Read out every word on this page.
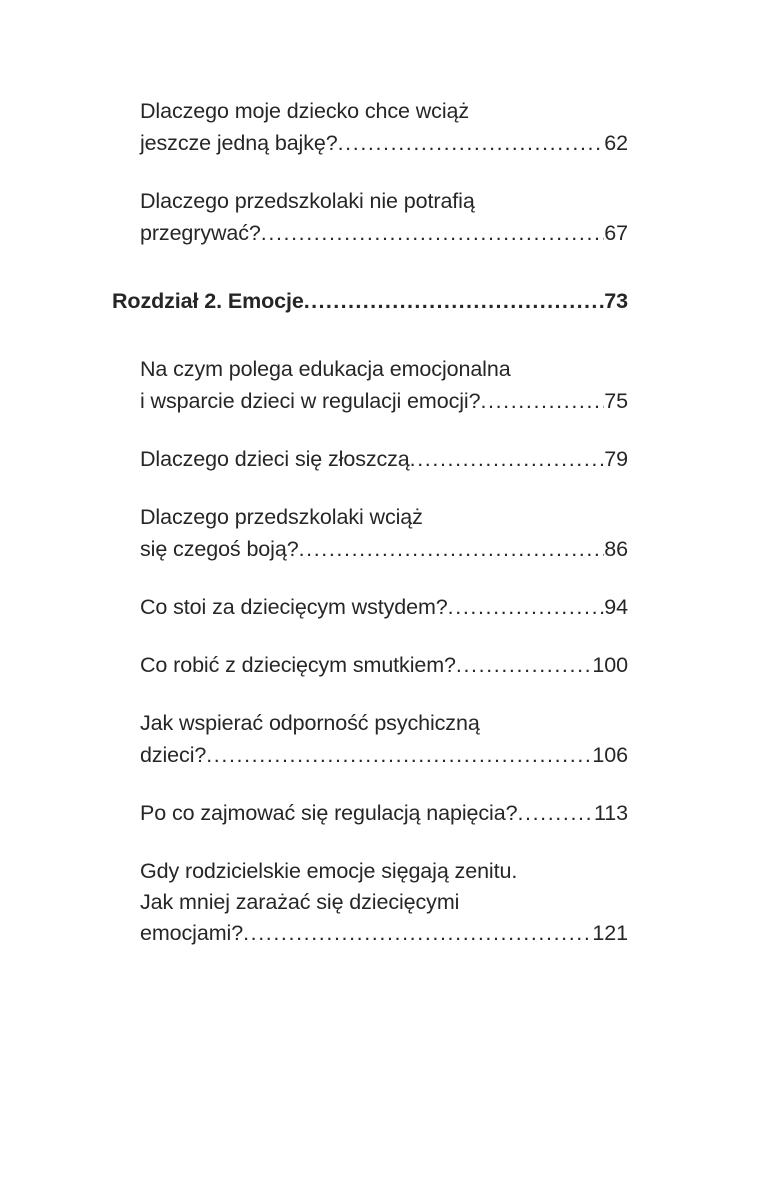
Dlaczego moje dziecko chce wciąż
jeszcze jedną bajkę? .....	62
Dlaczego przedszkolaki nie potrafią
przegrywać? .....	67
Rozdział 2. Emocje .....	73
Na czym polega edukacja emocjonalna
i wsparcie dzieci w regulacji emocji? .....	75
Dlaczego dzieci się złoszczą .....	79
Dlaczego przedszkolaki wciąż
się czegoś boją? .....	86
Co stoi za dziecięcym wstydem? .....	94
Co robić z dziecięcym smutkiem? .....	100
Jak wspierać odporność psychiczną
dzieci? .....	106
Po co zajmować się regulacją napięcia? .....	113
Gdy rodzicielskie emocje sięgają zenitu.
Jak mniej zarażać się dziecięcymi
emocjami? .....	121
